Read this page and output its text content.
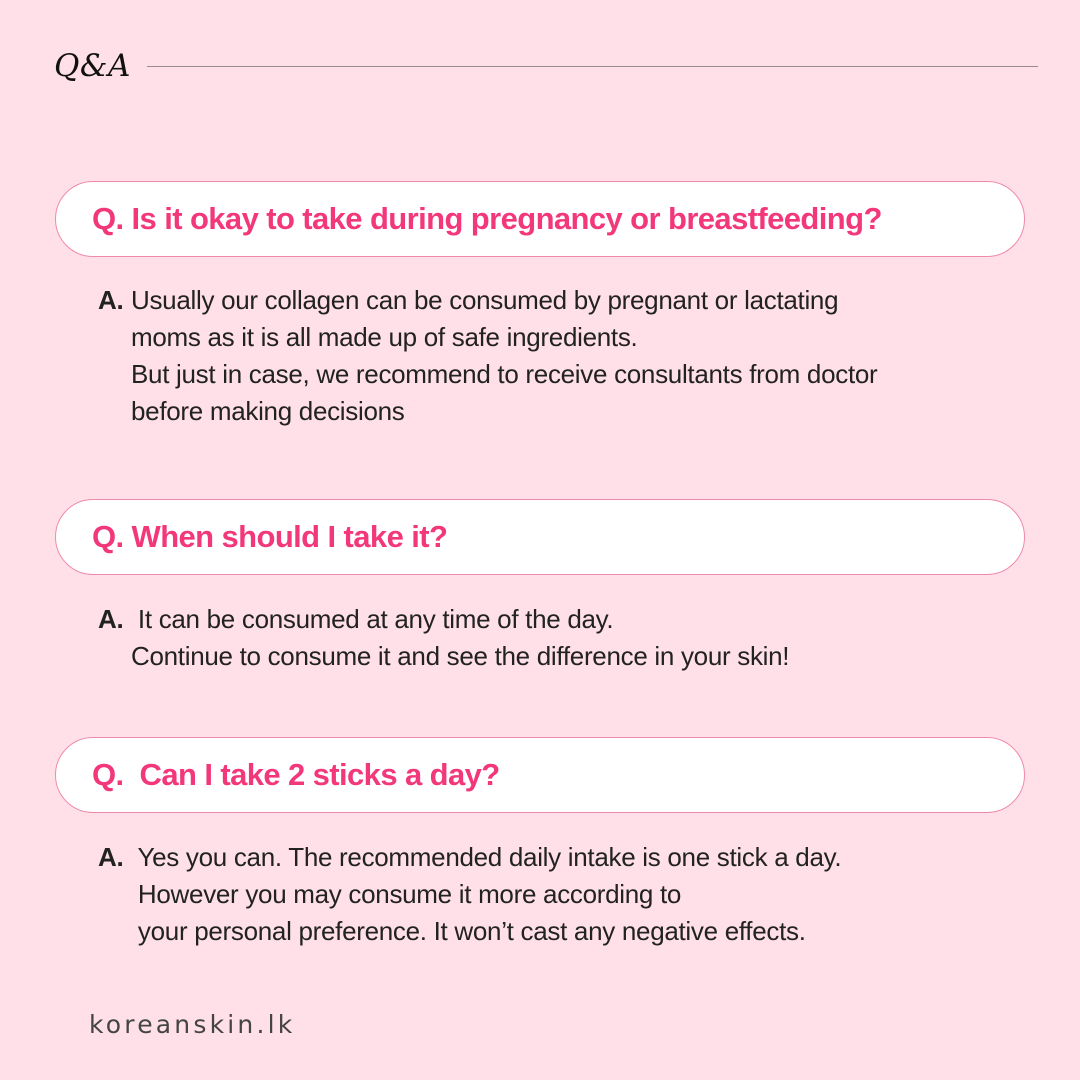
Q&A
Q. Is it okay to take during pregnancy or breastfeeding?
A. Usually our collagen can be consumed by pregnant or lactating
moms as it is all made up of safe ingredients.
But just in case, we recommend to receive consultants from doctor
before making decisions
Q. When should I take it?
A. It can be consumed at any time of the day.
Continue to consume it and see the difference in your skin!
Q.  Can I take 2 sticks a day?
A. Yes you can. The recommended daily intake is one stick a day.
However you may consume it more according to
your personal preference. It won’t cast any negative effects.
koreanskin.lk
